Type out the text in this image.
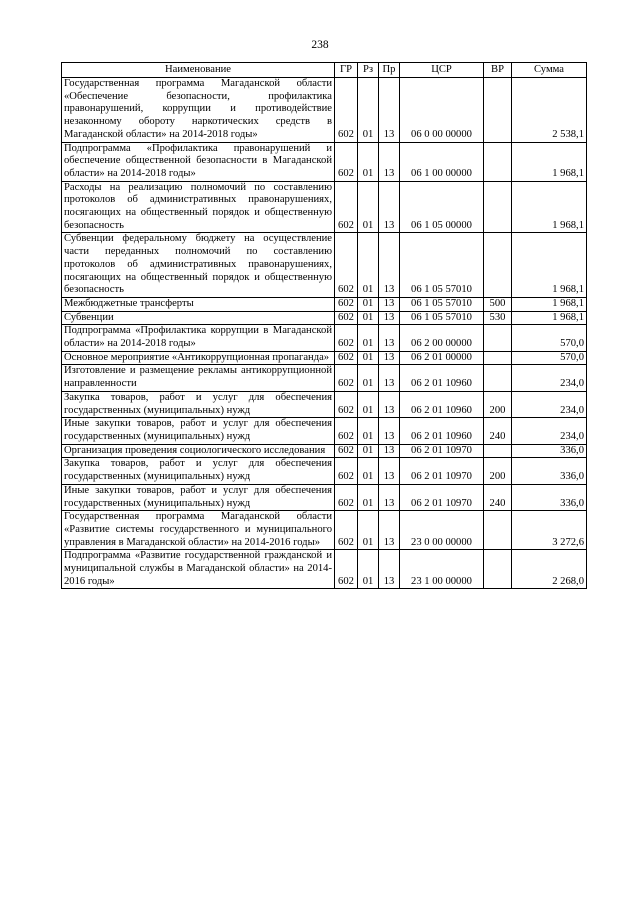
238
Наименование	ГР	Рз	Пр	ЦСР	ВР	Сумма
Государственная программа Магаданской области «Обеспечение безопасности, профилактика правонарушений, коррупции и противодействие незаконному обороту наркотических средств в Магаданской области» на 2014-2018 годы»	602	01	13	06 0 00 00000		2 538,1
Подпрограмма «Профилактика правонарушений и обеспечение общественной безопасности в Магаданской области» на 2014-2018 годы»	602	01	13	06 1 00 00000		1 968,1
Расходы на реализацию полномочий по составлению протоколов об административных правонарушениях, посягающих на общественный порядок и общественную безопасность	602	01	13	06 1 05 00000		1 968,1
Субвенции федеральному бюджету на осуществление части переданных полномочий по составлению протоколов об административных правонарушениях, посягающих на общественный порядок и общественную безопасность	602	01	13	06 1 05 57010		1 968,1
Межбюджетные трансферты	602	01	13	06 1 05 57010	500	1 968,1
Субвенции	602	01	13	06 1 05 57010	530	1 968,1
Подпрограмма «Профилактика коррупции в Магаданской области» на 2014-2018 годы»	602	01	13	06 2 00 00000		570,0
Основное мероприятие «Антикоррупционная пропаганда»	602	01	13	06 2 01 00000		570,0
Изготовление и размещение рекламы антикоррупционной направленности	602	01	13	06 2 01 10960		234,0
Закупка товаров, работ и услуг для обеспечения государственных (муниципальных) нужд	602	01	13	06 2 01 10960	200	234,0
Иные закупки товаров, работ и услуг для обеспечения государственных (муниципальных) нужд	602	01	13	06 2 01 10960	240	234,0
Организация проведения социологического исследования	602	01	13	06 2 01 10970		336,0
Закупка товаров, работ и услуг для обеспечения государственных (муниципальных) нужд	602	01	13	06 2 01 10970	200	336,0
Иные закупки товаров, работ и услуг для обеспечения государственных (муниципальных) нужд	602	01	13	06 2 01 10970	240	336,0
Государственная программа Магаданской области «Развитие системы государственного и муниципального управления в Магаданской области» на 2014-2016 годы»	602	01	13	23 0 00 00000		3 272,6
Подпрограмма «Развитие государственной гражданской и муниципальной службы в Магаданской области» на 2014-2016 годы»	602	01	13	23 1 00 00000		2 268,0
